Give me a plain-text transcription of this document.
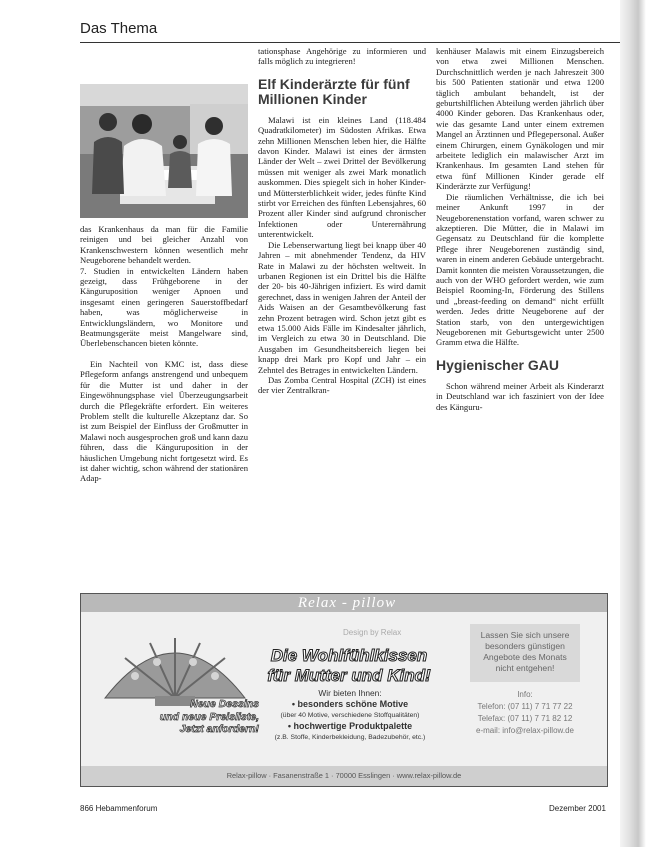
Das Thema

das Krankenhaus da man für die Familie reinigen und bei gleicher Anzahl von Krankenschwestern können wesentlich mehr Neugeborene behandelt werden.

7. Studien in entwickelten Ländern haben gezeigt, dass Frühgeborene in der Känguruposition weniger Apnoen und insgesamt einen geringeren Sauerstoffbedarf haben, was möglicherweise in Entwicklungsländern, wo Monitore und Beatmungsgeräte meist Mangelware sind, Überlebenschancen bieten könnte.

Ein Nachteil von KMC ist, dass diese Pflegeform anfangs anstrengend und unbequem für die Mutter ist und daher in der Eingewöhnungsphase viel Überzeugungsarbeit durch die Pflegekräfte erfordert. Ein weiteres Problem stellt die kulturelle Akzeptanz dar. So ist zum Beispiel der Einfluss der Großmutter in Malawi noch ausgesprochen groß und kann dazu führen, dass die Känguruposition in der häuslichen Umgebung nicht fortgesetzt wird. Es ist daher wichtig, schon während der stationären Adap-

tationsphase Angehörige zu informieren und falls möglich zu integrieren!

Elf Kinderärzte für fünf Millionen Kinder

Malawi ist ein kleines Land (118.484 Quadratkilometer) im Südosten Afrikas. Etwa zehn Millionen Menschen leben hier, die Hälfte davon Kinder. Malawi ist eines der ärmsten Länder der Welt – zwei Drittel der Bevölkerung müssen mit weniger als zwei Mark monatlich auskommen. Dies spiegelt sich in hoher Kinder- und Müttersterblichkeit wider, jedes fünfte Kind stirbt vor Erreichen des fünften Lebensjahres, 60 Prozent aller Kinder sind aufgrund chronischer Infektionen oder Unterernährung unterentwickelt.

Die Lebenserwartung liegt bei knapp über 40 Jahren – mit abnehmender Tendenz, da HIV Rate in Malawi zu der höchsten weltweit. In urbanen Regionen ist ein Drittel bis die Hälfte der 20- bis 40-Jährigen infiziert. Es wird damit gerechnet, dass in wenigen Jahren der Anteil der Aids Waisen an der Gesamtbevölkerung fast zehn Prozent betragen wird. Schon jetzt gibt es etwa 15.000 Aids Fälle im Kindesalter jährlich, im Vergleich zu etwa 30 in Deutschland. Die Ausgaben im Gesundheitsbereich liegen bei knapp drei Mark pro Kopf und Jahr – ein Zehntel des Betrages in entwickelten Ländern.

Das Zomba Central Hospital (ZCH) ist eines der vier Zentralkran-

kenhäuser Malawis mit einem Einzugsbereich von etwa zwei Millionen Menschen. Durchschnittlich werden je nach Jahreszeit 300 bis 500 Patienten stationär und etwa 1200 täglich ambulant behandelt, ist der geburtshilflichen Abteilung werden jährlich über 4000 Kinder geboren. Das Krankenhaus oder, wie das gesamte Land unter einem extremen Mangel an Ärztinnen und Pflegepersonal. Außer einem Chirurgen, einem Gynäkologen und mir arbeitete lediglich ein malawischer Arzt im Krankenhaus. Im gesamten Land stehen für etwa fünf Millionen Kinder gerade elf Kinderärzte zur Verfügung!

Die räumlichen Verhältnisse, die ich bei meiner Ankunft 1997 in der Neugeborenenstation vorfand, waren schwer zu akzeptieren. Die Mütter, die in Malawi im Gegensatz zu Deutschland für die komplette Pflege ihrer Neugeborenen zuständig sind, waren in einem anderen Gebäude untergebracht. Damit konnten die meisten Voraussetzungen, die auch von der WHO gefordert werden, wie zum Beispiel Rooming-In, Förderung des Stillens und „breast-feeding on demand“ nicht erfüllt werden. Jedes dritte Neugeborene auf der Station starb, von den untergewichtigen Neugeborenen mit Geburtsgewicht unter 2500 Gramm etwa die Hälfte.

Hygienischer GAU

Schon während meiner Arbeit als Kinderarzt in Deutschland war ich fasziniert von der Idee des Känguru-

Relax - pillow
Design by Relax
Die Wohlfühlkissen
für Mutter und Kind!
Wir bieten Ihnen:
• besonders schöne Motive
(über 40 Motive, verschiedene Stoffqualitäten)
• hochwertige Produktpalette
(z.B. Stoffe, Kinderbekleidung, Badezubehör, etc.)
Neue Dessins
und neue Preisliste,
Jetzt anfordern!
Lassen Sie sich unsere
besonders günstigen
Angebote des Monats
nicht entgehen!
Info:
Telefon: (07 11) 7 71 77 22
Telefax: (07 11) 7 71 82 12
e-mail: info@relax-pillow.de
Relax-pillow · Fasanenstraße 1 · 70000 Esslingen · www.relax-pillow.de
866 Hebammenforum	Dezember 2001
